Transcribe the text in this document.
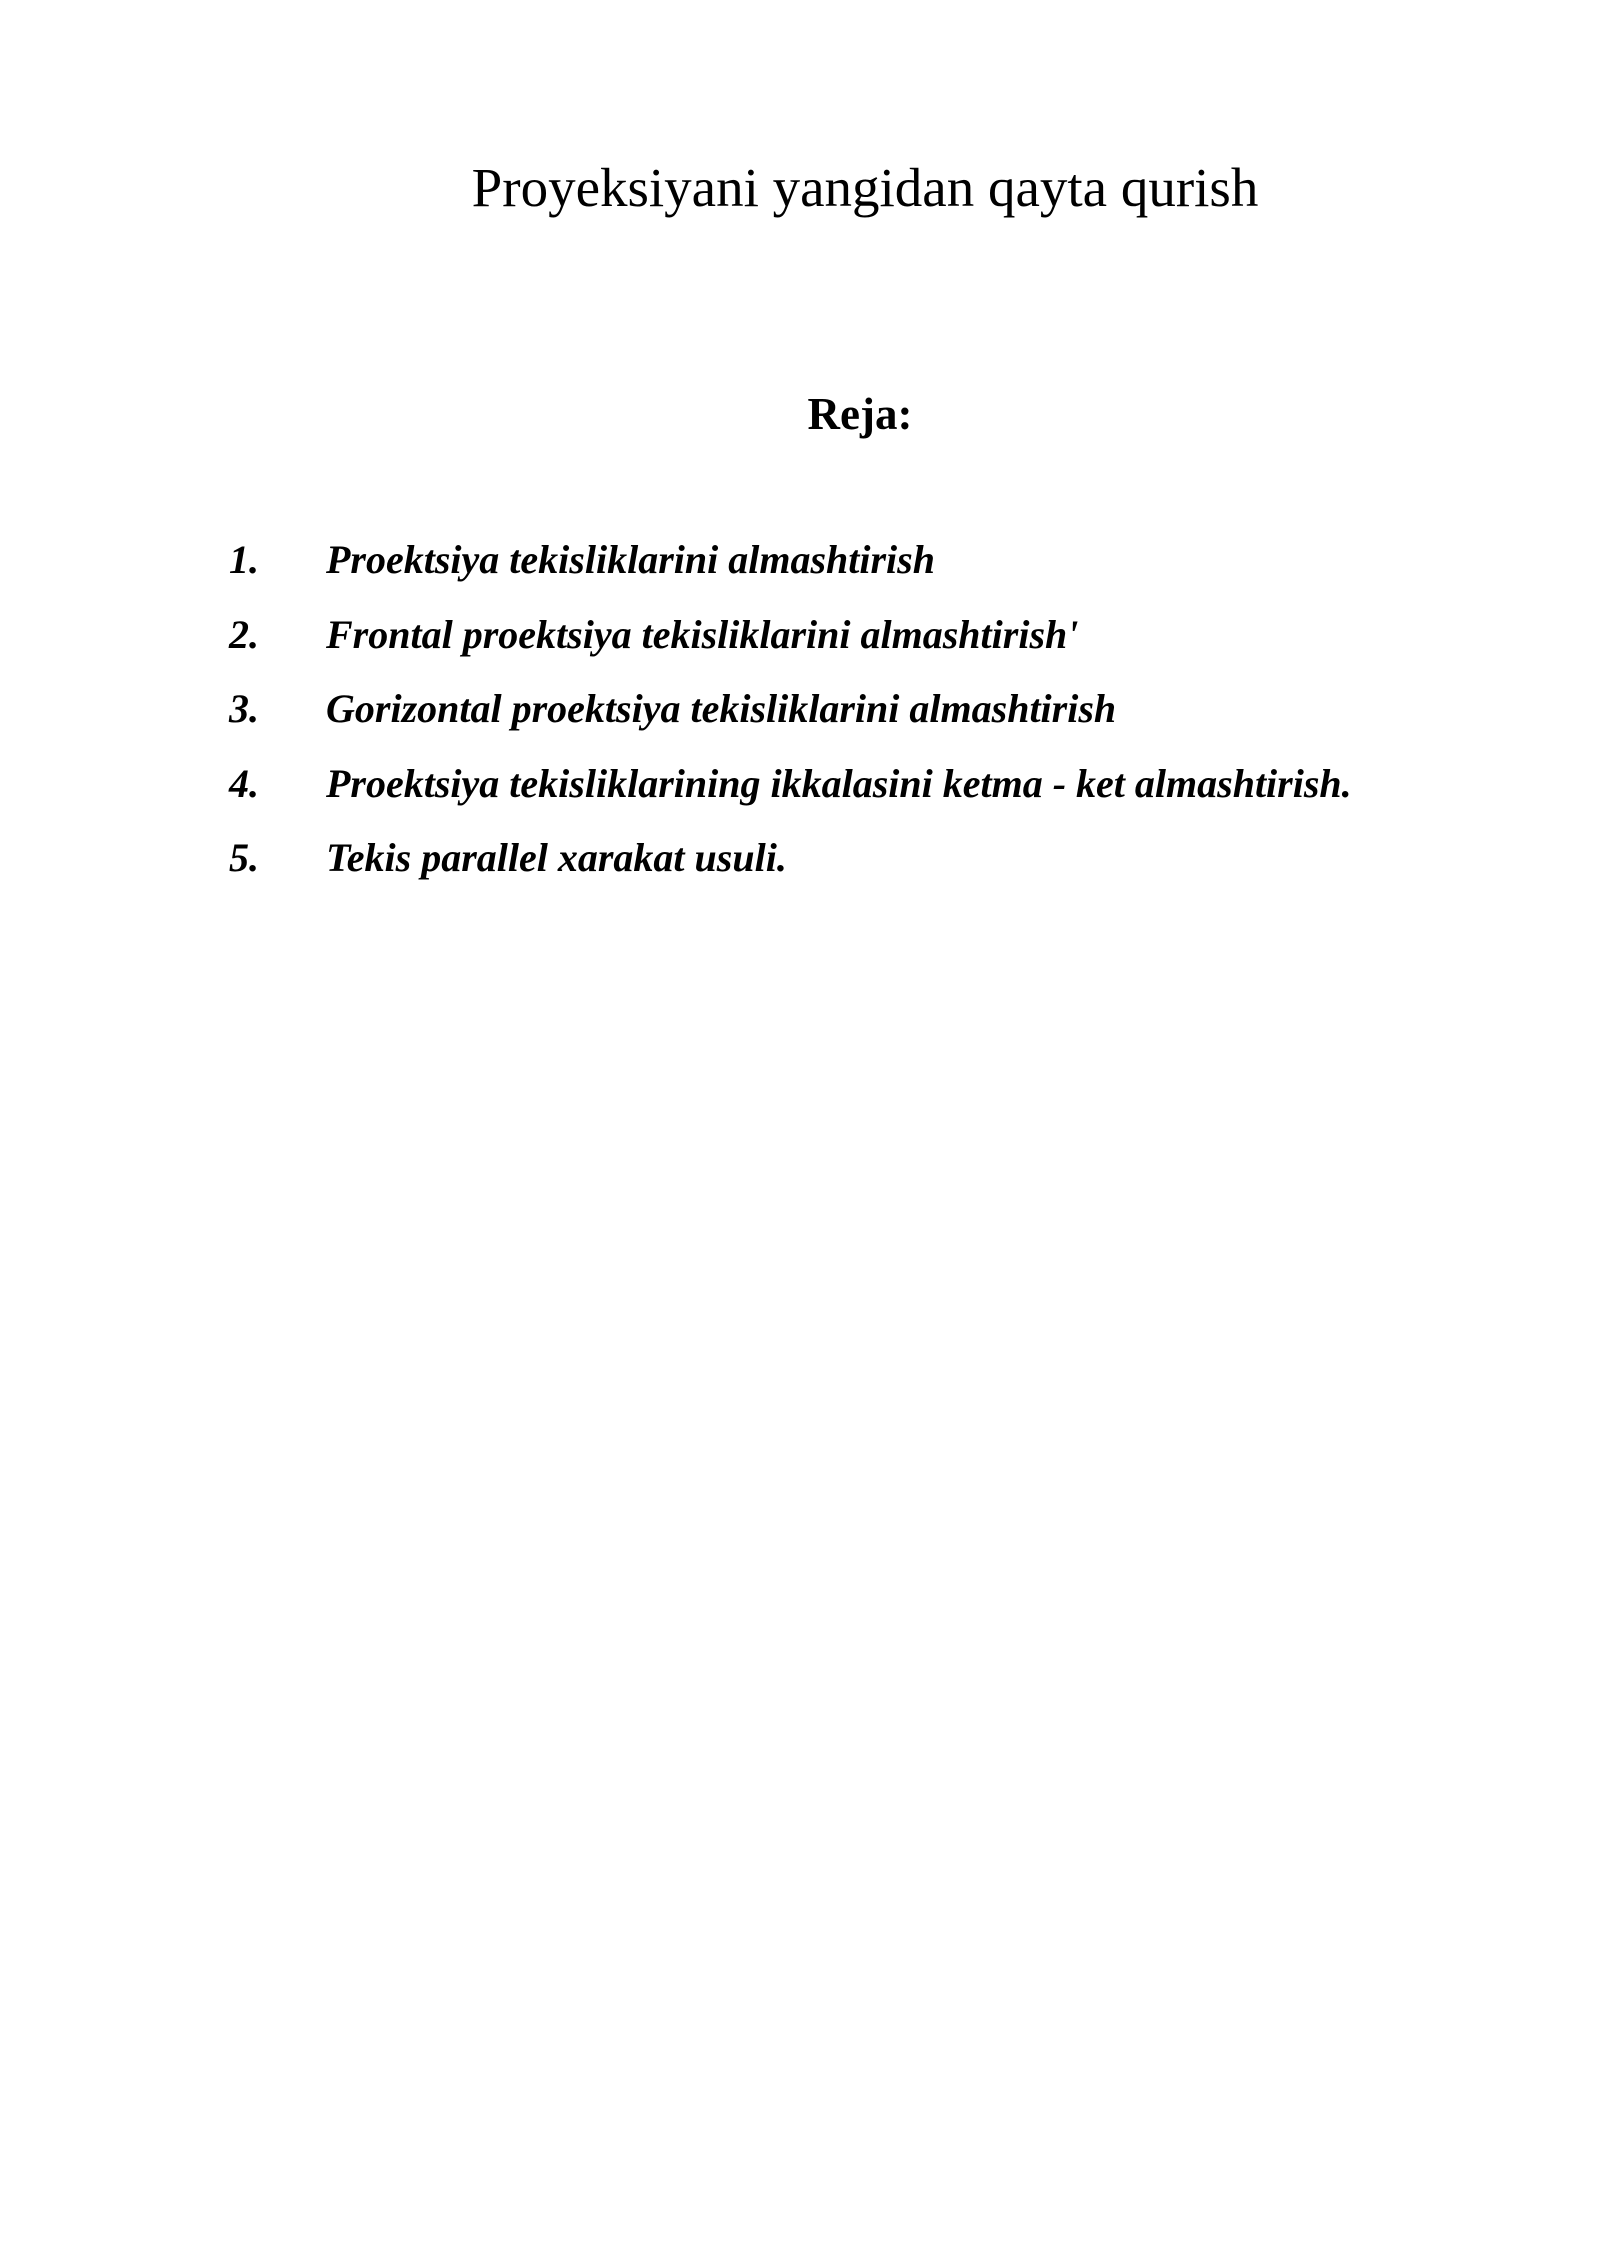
Proyeksiyani yangidan qayta qurish
Reja:
1.	Proektsiya tekisliklarini almashtirish
2.	Frontal proektsiya tekisliklarini almashtirish'
3.	Gorizontal proektsiya tekisliklarini almashtirish
4.	Proektsiya tekisliklarining ikkalasini ketma - ket almashtirish.
5.	Tekis parallel xarakat usuli.
